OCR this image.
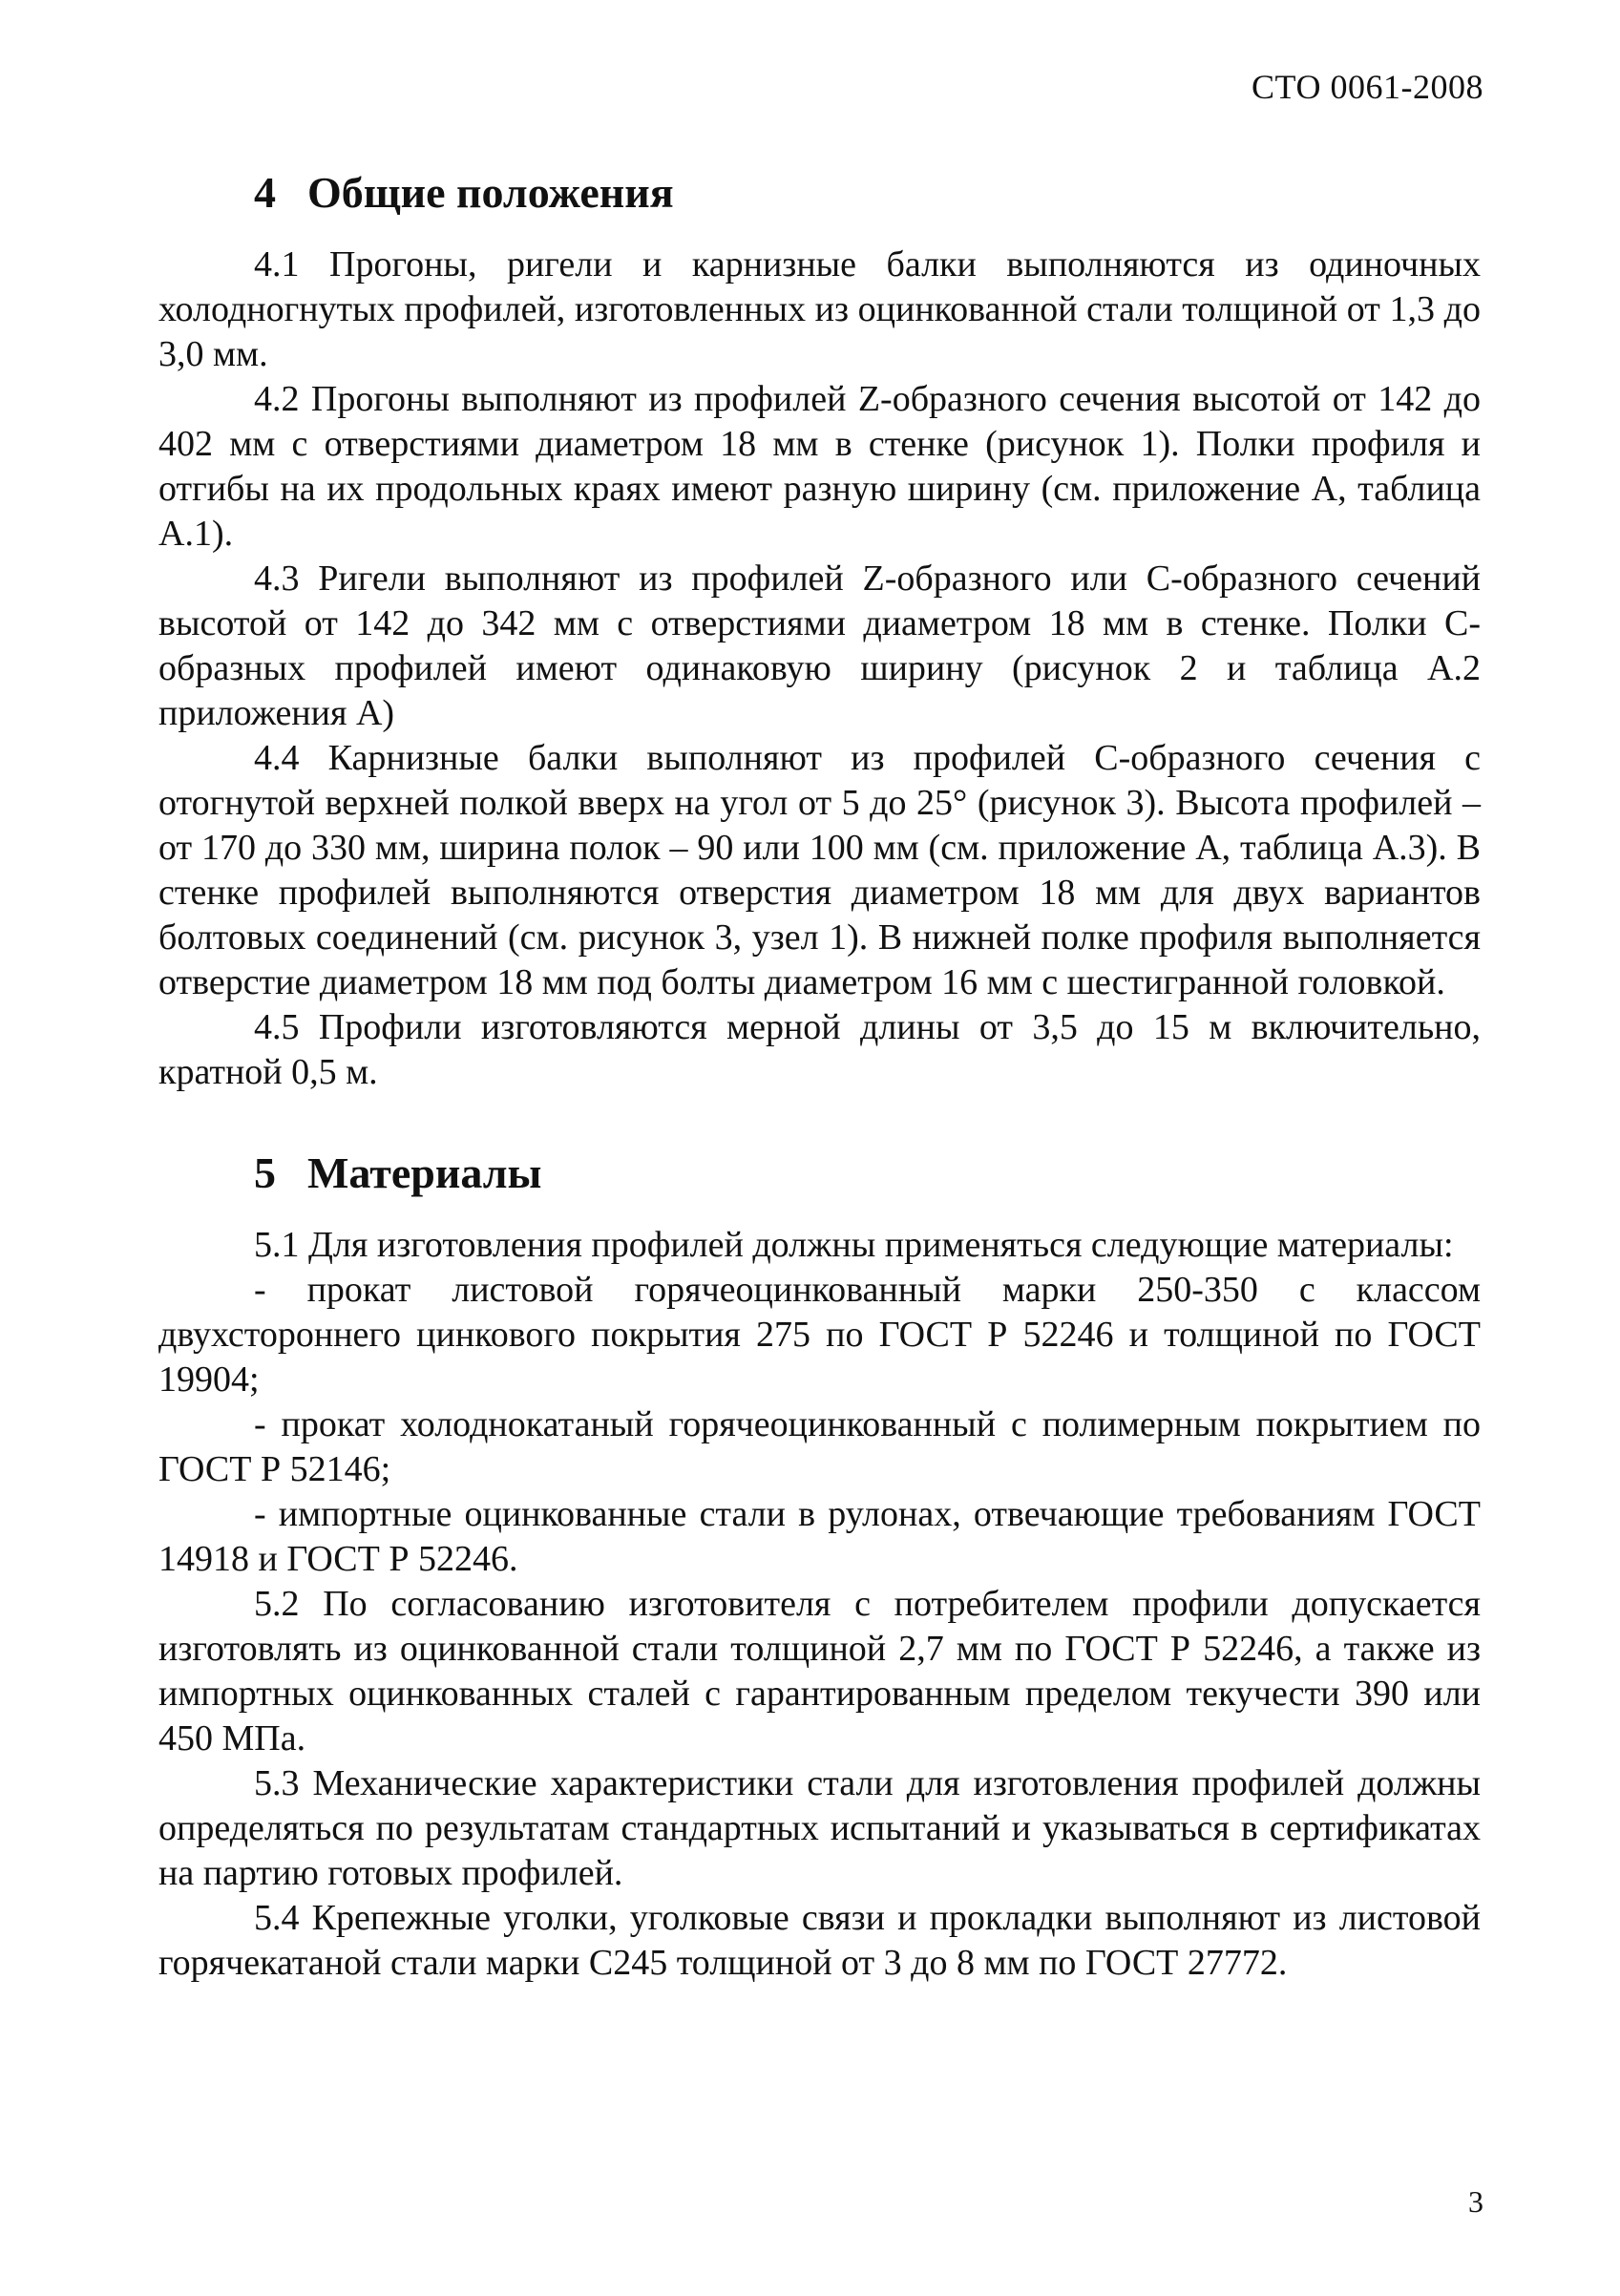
СТО 0061-2008
4 Общие положения

4.1 Прогоны, ригели и карнизные балки выполняются из одиночных холодногнутых профилей, изготовленных из оцинкованной стали толщиной от 1,3 до 3,0 мм.

4.2 Прогоны выполняют из профилей Z-образного сечения высотой от 142 до 402 мм с отверстиями диаметром 18 мм в стенке (рисунок 1). Полки профиля и отгибы на их продольных краях имеют разную ширину (см. приложение А, таблица А.1).

4.3 Ригели выполняют из профилей Z-образного или С-образного сечений высотой от 142 до 342 мм с отверстиями диаметром 18 мм в стенке. Полки С-образных профилей имеют одинаковую ширину (рисунок 2 и таблица А.2 приложения А)

4.4 Карнизные балки выполняют из профилей С-образного сечения с отогнутой верхней полкой вверх на угол от 5 до 25° (рисунок 3). Высота профилей – от 170 до 330 мм, ширина полок – 90 или 100 мм (см. приложение А, таблица А.3). В стенке профилей выполняются отверстия диаметром 18 мм для двух вариантов болтовых соединений (см. рисунок 3, узел 1). В нижней полке профиля выполняется отверстие диаметром 18 мм под болты диаметром 16 мм с шестигранной головкой.

4.5 Профили изготовляются мерной длины от 3,5 до 15 м включительно, кратной 0,5 м.

5 Материалы

5.1 Для изготовления профилей должны применяться следующие материалы:

- прокат листовой горячеоцинкованный марки 250-350 с классом двухстороннего цинкового покрытия 275 по ГОСТ Р 52246 и толщиной по ГОСТ 19904;

- прокат холоднокатаный горячеоцинкованный с полимерным покрытием по ГОСТ Р 52146;

- импортные оцинкованные стали в рулонах, отвечающие требованиям ГОСТ 14918 и ГОСТ Р 52246.

5.2 По согласованию изготовителя с потребителем профили допускается изготовлять из оцинкованной стали толщиной 2,7 мм по ГОСТ Р 52246, а также из импортных оцинкованных сталей с гарантированным пределом текучести 390 или 450 МПа.

5.3 Механические характеристики стали для изготовления профилей должны определяться по результатам стандартных испытаний и указываться в сертификатах на партию готовых профилей.

5.4 Крепежные уголки, уголковые связи и прокладки выполняют из листовой горячекатаной стали марки С245 толщиной от 3 до 8 мм по ГОСТ 27772.

3
